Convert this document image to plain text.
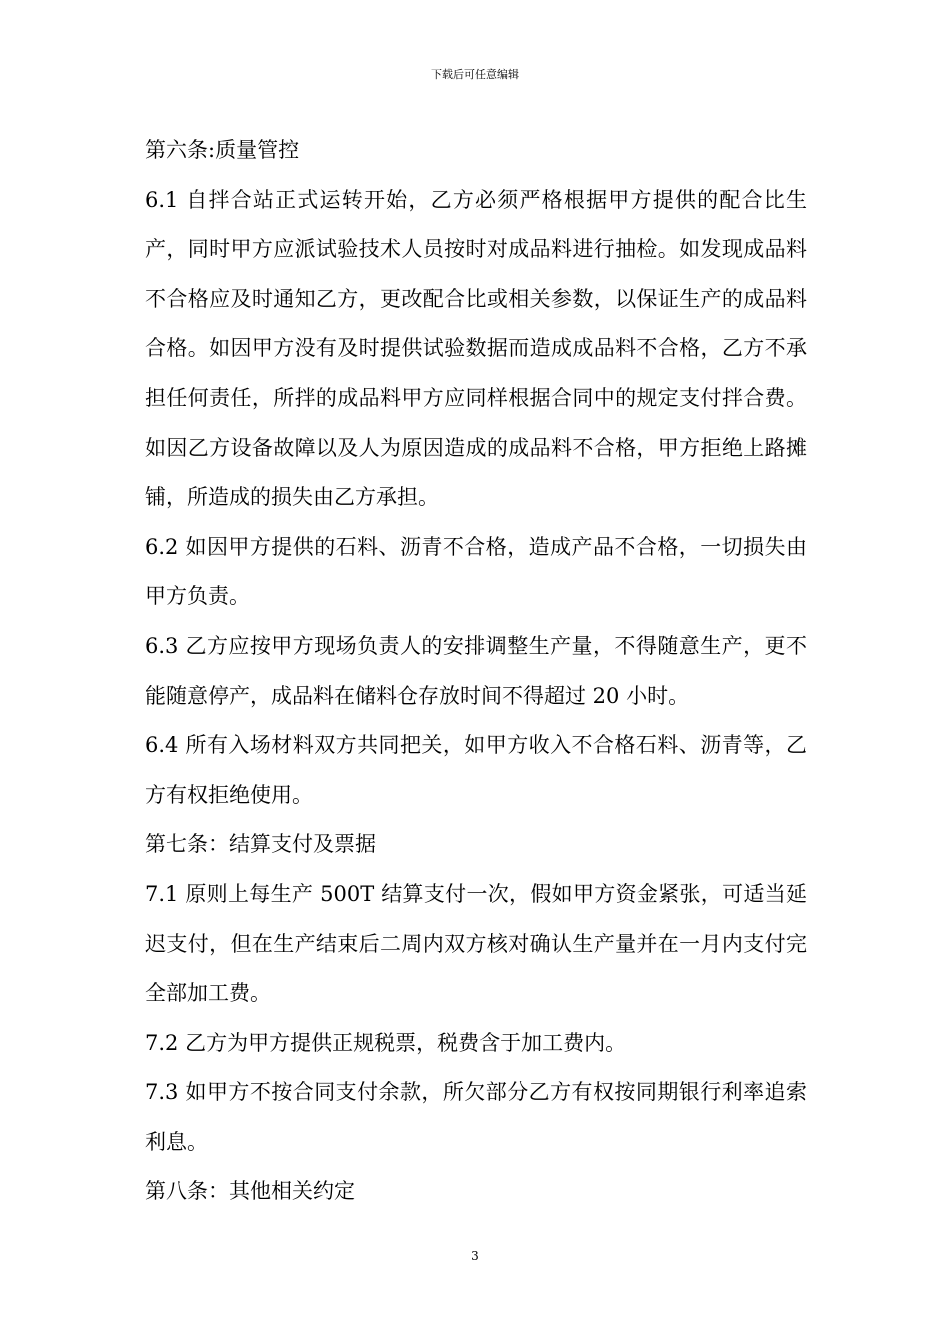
下载后可任意编辑

第六条:质量管控

6.1 自拌合站正式运转开始，乙方必须严格根据甲方提供的配合比生产，同时甲方应派试验技术人员按时对成品料进行抽检。如发现成品料不合格应及时通知乙方，更改配合比或相关参数，以保证生产的成品料合格。如因甲方没有及时提供试验数据而造成成品料不合格，乙方不承担任何责任，所拌的成品料甲方应同样根据合同中的规定支付拌合费。如因乙方设备故障以及人为原因造成的成品料不合格，甲方拒绝上路摊铺，所造成的损失由乙方承担。

6.2 如因甲方提供的石料、沥青不合格，造成产品不合格，一切损失由甲方负责。

6.3 乙方应按甲方现场负责人的安排调整生产量，不得随意生产，更不能随意停产，成品料在储料仓存放时间不得超过 20 小时。

6.4 所有入场材料双方共同把关，如甲方收入不合格石料、沥青等，乙方有权拒绝使用。

第七条：结算支付及票据

7.1 原则上每生产 500T 结算支付一次，假如甲方资金紧张，可适当延迟支付，但在生产结束后二周内双方核对确认生产量并在一月内支付完全部加工费。

7.2 乙方为甲方提供正规税票，税费含于加工费内。

7.3 如甲方不按合同支付余款，所欠部分乙方有权按同期银行利率追索利息。

第八条：其他相关约定

3
